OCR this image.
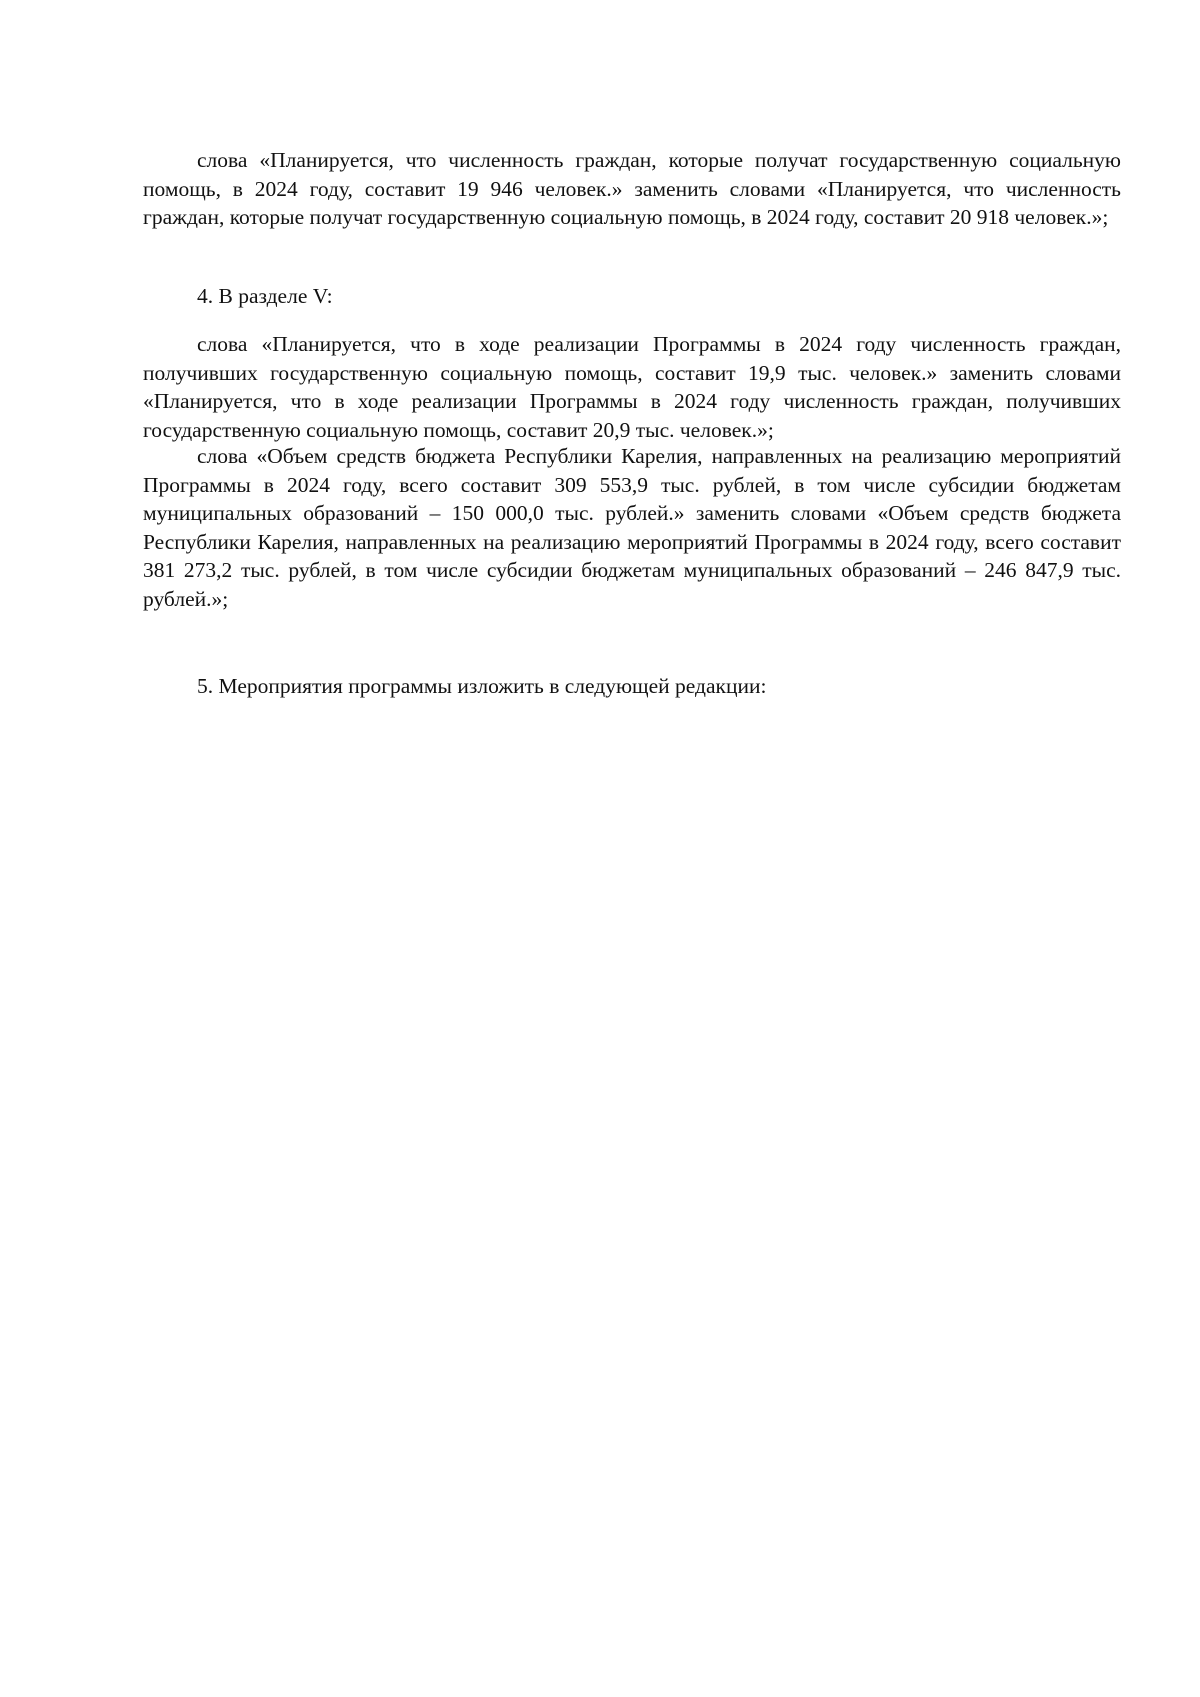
слова «Планируется, что численность граждан, которые получат государственную социальную помощь, в 2024 году, составит 19 946 человек.» заменить словами «Планируется, что численность граждан, которые получат государственную социальную помощь, в 2024 году, составит 20 918 человек.»;

4. В разделе V:

слова «Планируется, что в ходе реализации Программы в 2024 году численность граждан, получивших государственную социальную помощь, составит 19,9 тыс. человек.» заменить словами «Планируется, что в ходе реализации Программы в 2024 году численность граждан, получивших государственную социальную помощь, составит 20,9 тыс. человек.»;

слова «Объем средств бюджета Республики Карелия, направленных на реализацию мероприятий Программы в 2024 году, всего составит 309 553,9 тыс. рублей, в том числе субсидии бюджетам муниципальных образований – 150 000,0 тыс. рублей.» заменить словами «Объем средств бюджета Республики Карелия, направленных на реализацию мероприятий Программы в 2024 году, всего составит 381 273,2 тыс. рублей, в том числе субсидии бюджетам муниципальных образований – 246 847,9 тыс. рублей.»;

5. Мероприятия программы изложить в следующей редакции:
